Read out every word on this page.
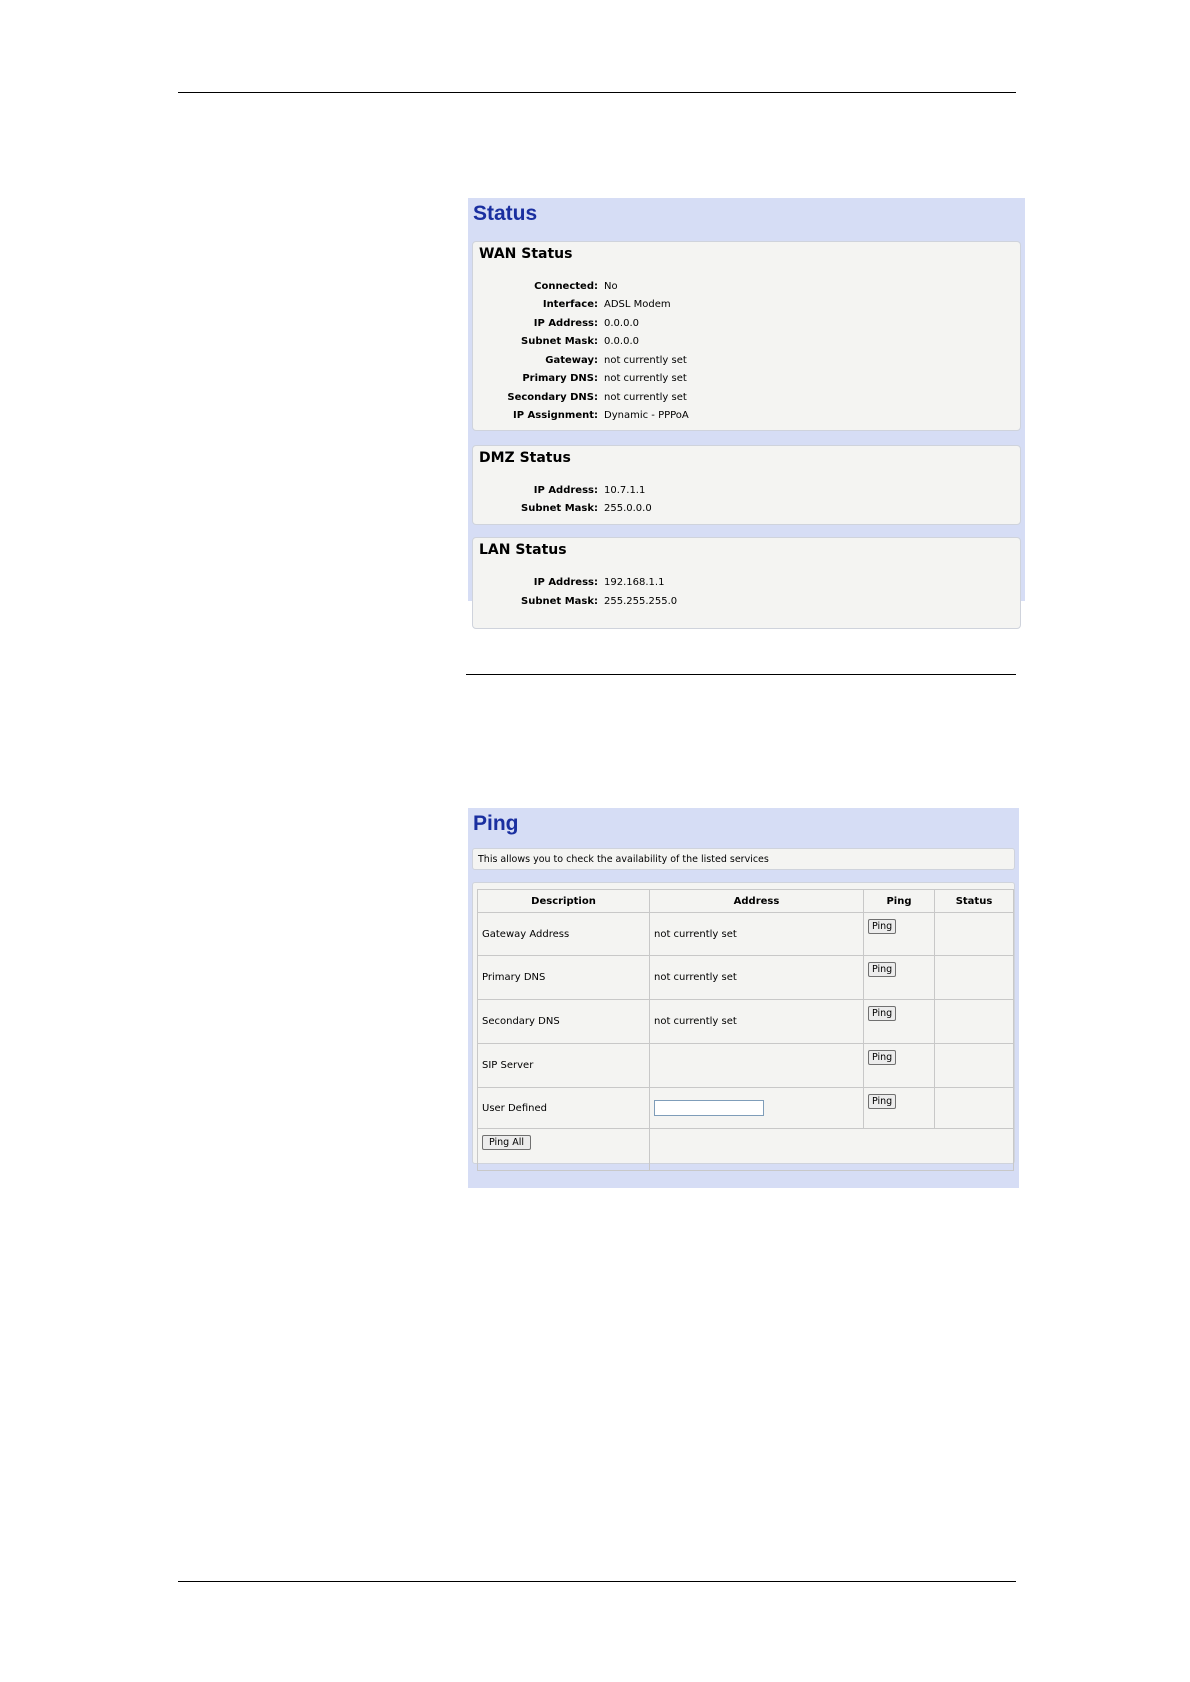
Status
WAN Status
Connected: No
Interface: ADSL Modem
IP Address: 0.0.0.0
Subnet Mask: 0.0.0.0
Gateway: not currently set
Primary DNS: not currently set
Secondary DNS: not currently set
IP Assignment: Dynamic - PPPoA
DMZ Status
IP Address: 10.7.1.1
Subnet Mask: 255.0.0.0
LAN Status
IP Address: 192.168.1.1
Subnet Mask: 255.255.255.0
Ping
This allows you to check the availability of the listed services
Description	Address	Ping	Status
Gateway Address	not currently set	Ping	
Primary DNS	not currently set	Ping	
Secondary DNS	not currently set	Ping	
SIP Server		Ping	
User Defined		Ping	
Ping All			
